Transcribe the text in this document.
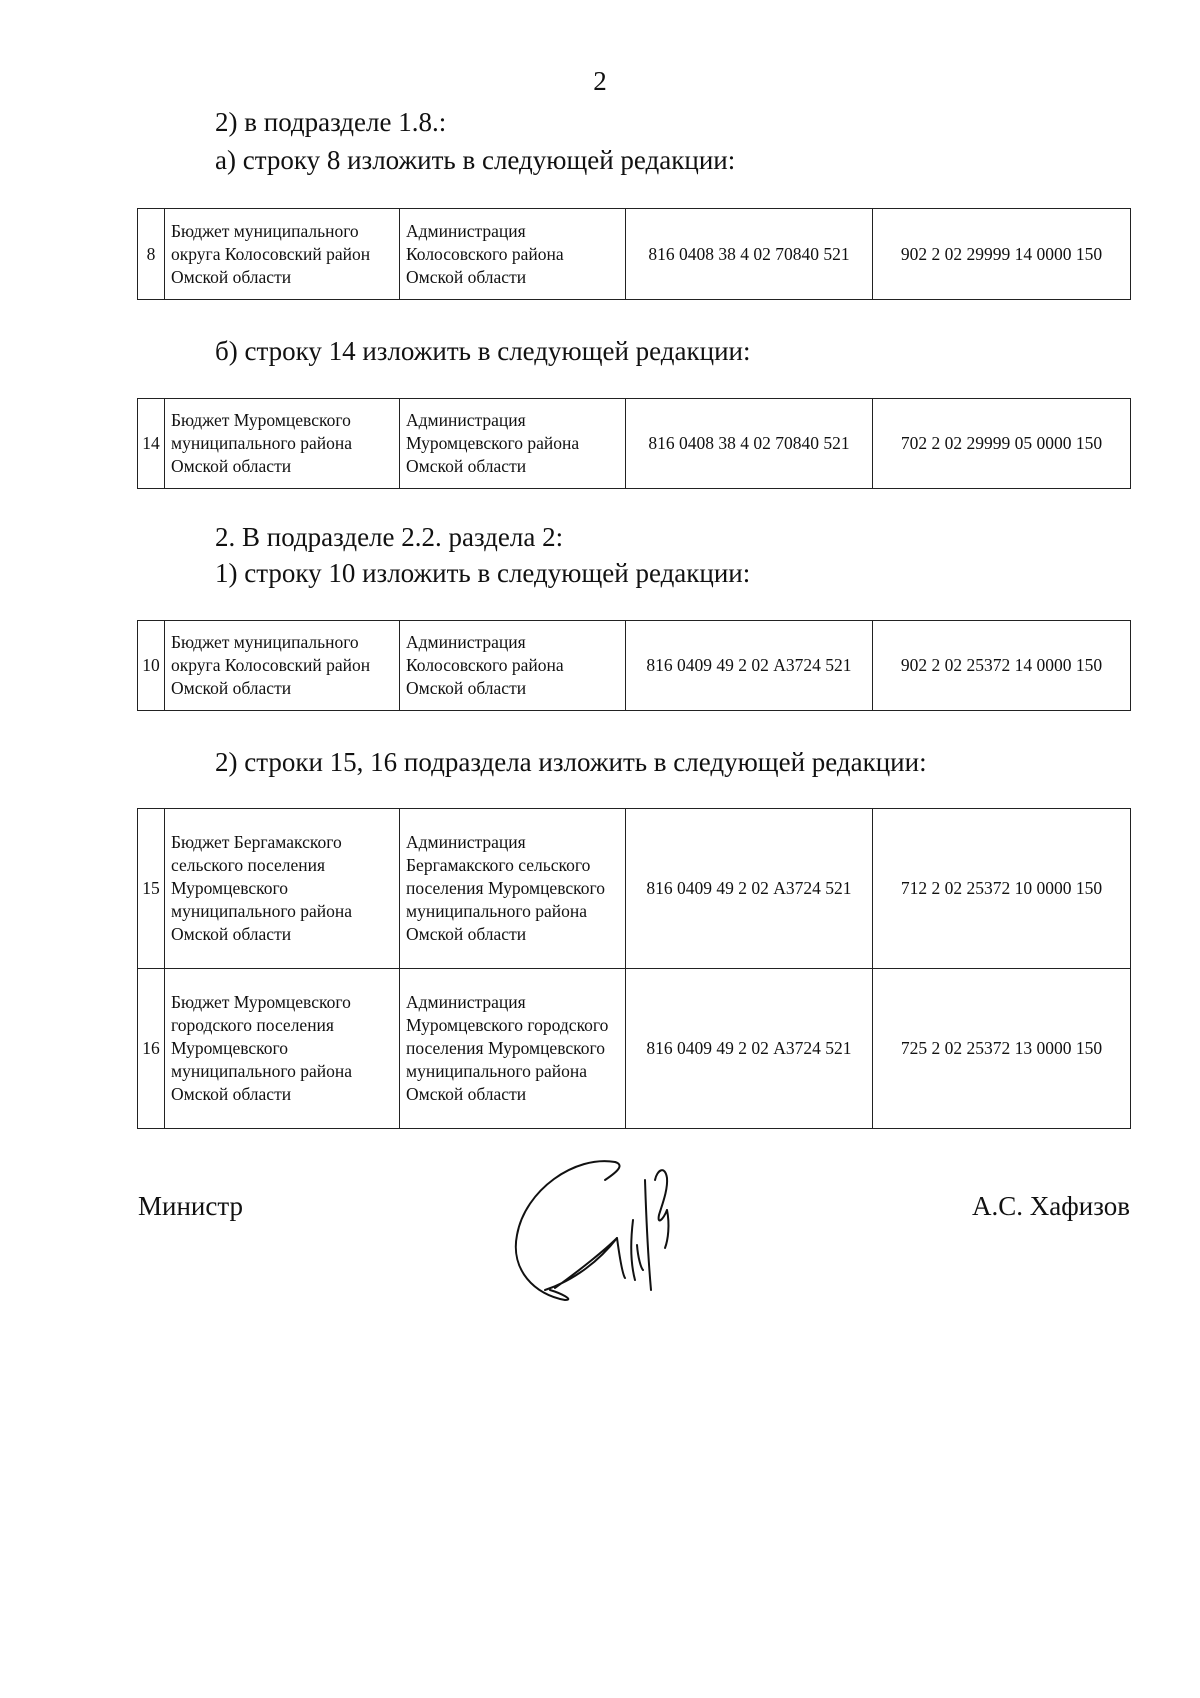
2
2) в подразделе 1.8.:
а) строку 8 изложить в следующей редакции:
8	Бюджет муниципального округа Колосовский район Омской области	Администрация Колосовского района Омской области	816 0408 38 4 02 70840 521	902 2 02 29999 14 0000 150
б) строку 14 изложить в следующей редакции:
14	Бюджет Муромцевского муниципального района Омской области	Администрация Муромцевского района Омской области	816 0408 38 4 02 70840 521	702 2 02 29999 05 0000 150
2. В подразделе 2.2. раздела 2:
1) строку 10 изложить в следующей редакции:
10	Бюджет муниципального округа Колосовский район Омской области	Администрация Колосовского района Омской области	816 0409 49 2 02 А3724 521	902 2 02 25372 14 0000 150
2) строки 15, 16 подраздела изложить в следующей редакции:
15	Бюджет Бергамакского сельского поселения Муромцевского муниципального района Омской области	Администрация Бергамакского сельского поселения Муромцевского муниципального района Омской области	816 0409 49 2 02 А3724 521	712 2 02 25372 10 0000 150
16	Бюджет Муромцевского городского поселения Муромцевского муниципального района Омской области	Администрация Муромцевского городского поселения Муромцевского муниципального района Омской области	816 0409 49 2 02 А3724 521	725 2 02 25372 13 0000 150
Министр	А.С. Хафизов
